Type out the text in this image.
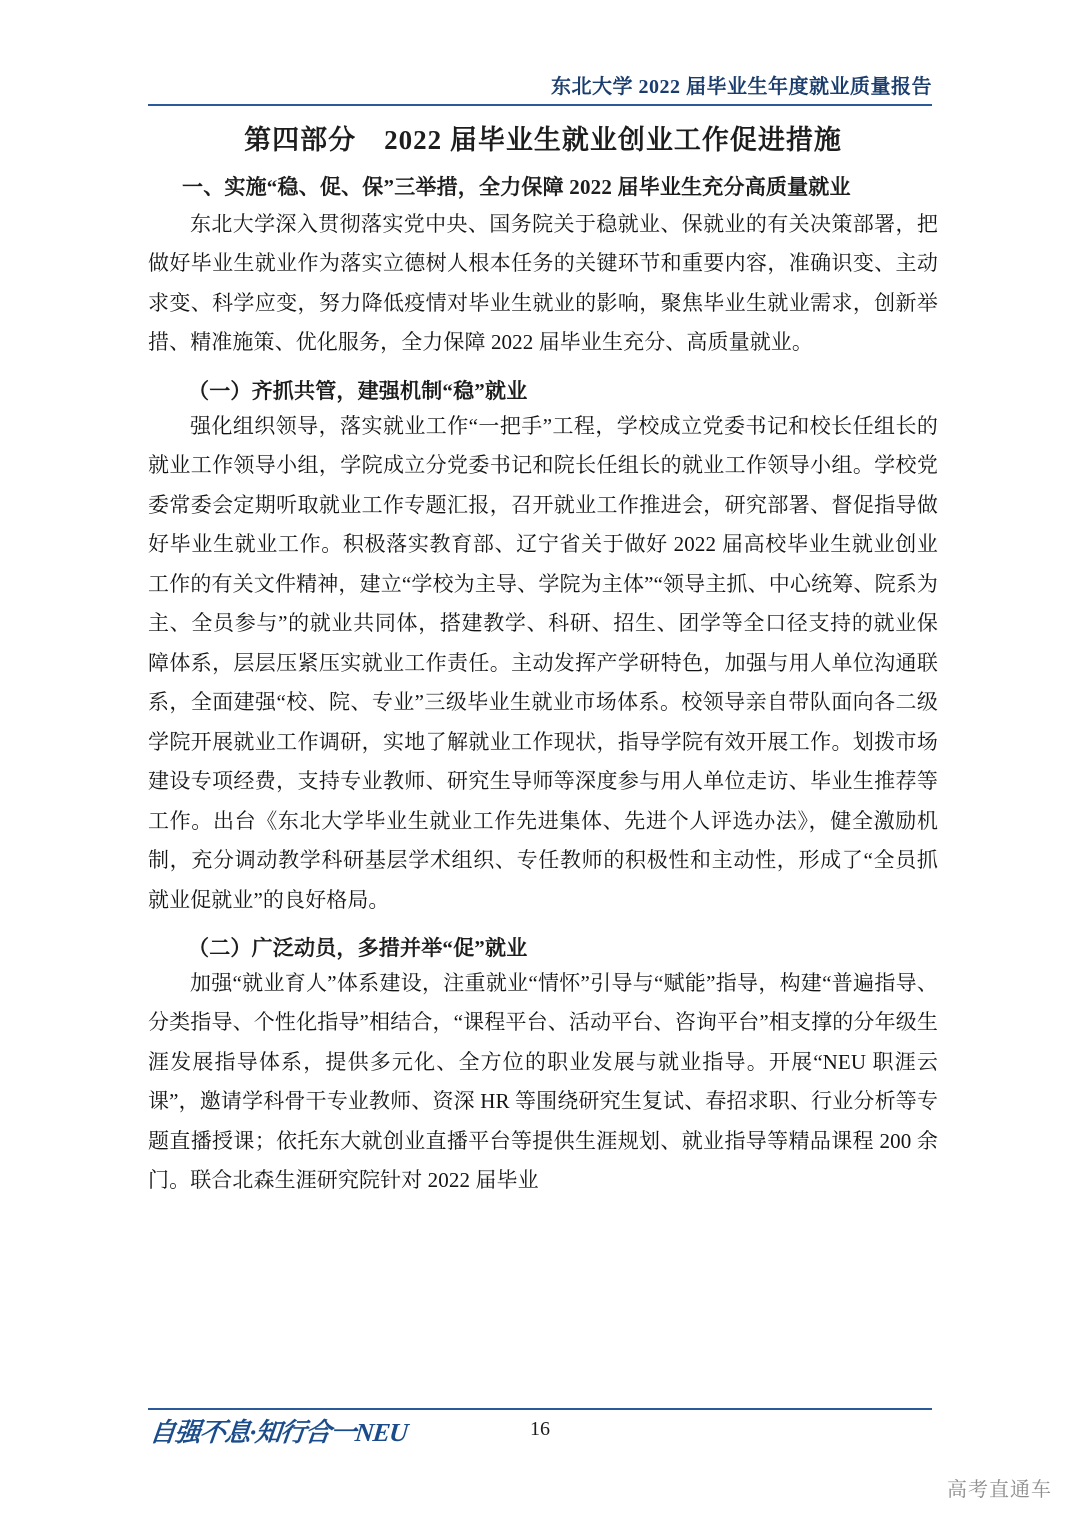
东北大学 2022 届毕业生年度就业质量报告
第四部分　2022 届毕业生就业创业工作促进措施
一、实施“稳、促、保”三举措，全力保障 2022 届毕业生充分高质量就业

东北大学深入贯彻落实党中央、国务院关于稳就业、保就业的有关决策部署，把做好毕业生就业作为落实立德树人根本任务的关键环节和重要内容，准确识变、主动求变、科学应变，努力降低疫情对毕业生就业的影响，聚焦毕业生就业需求，创新举措、精准施策、优化服务，全力保障 2022 届毕业生充分、高质量就业。

（一）齐抓共管，建强机制“稳”就业

强化组织领导，落实就业工作“一把手”工程，学校成立党委书记和校长任组长的就业工作领导小组，学院成立分党委书记和院长任组长的就业工作领导小组。学校党委常委会定期听取就业工作专题汇报，召开就业工作推进会，研究部署、督促指导做好毕业生就业工作。积极落实教育部、辽宁省关于做好 2022 届高校毕业生就业创业工作的有关文件精神，建立“学校为主导、学院为主体”“领导主抓、中心统筹、院系为主、全员参与”的就业共同体，搭建教学、科研、招生、团学等全口径支持的就业保障体系，层层压紧压实就业工作责任。主动发挥产学研特色，加强与用人单位沟通联系，全面建强“校、院、专业”三级毕业生就业市场体系。校领导亲自带队面向各二级学院开展就业工作调研，实地了解就业工作现状，指导学院有效开展工作。划拨市场建设专项经费，支持专业教师、研究生导师等深度参与用人单位走访、毕业生推荐等工作。出台《东北大学毕业生就业工作先进集体、先进个人评选办法》，健全激励机制，充分调动教学科研基层学术组织、专任教师的积极性和主动性，形成了“全员抓就业促就业”的良好格局。

（二）广泛动员，多措并举“促”就业

加强“就业育人”体系建设，注重就业“情怀”引导与“赋能”指导，构建“普遍指导、分类指导、个性化指导”相结合，“课程平台、活动平台、咨询平台”相支撑的分年级生涯发展指导体系，提供多元化、全方位的职业发展与就业指导。开展“NEU 职涯云课”，邀请学科骨干专业教师、资深 HR 等围绕研究生复试、春招求职、行业分析等专题直播授课；依托东大就创业直播平台等提供生涯规划、就业指导等精品课程 200 余门。联合北森生涯研究院针对 2022 届毕业

自强不息·知行合一NEU	16
高考直通车
